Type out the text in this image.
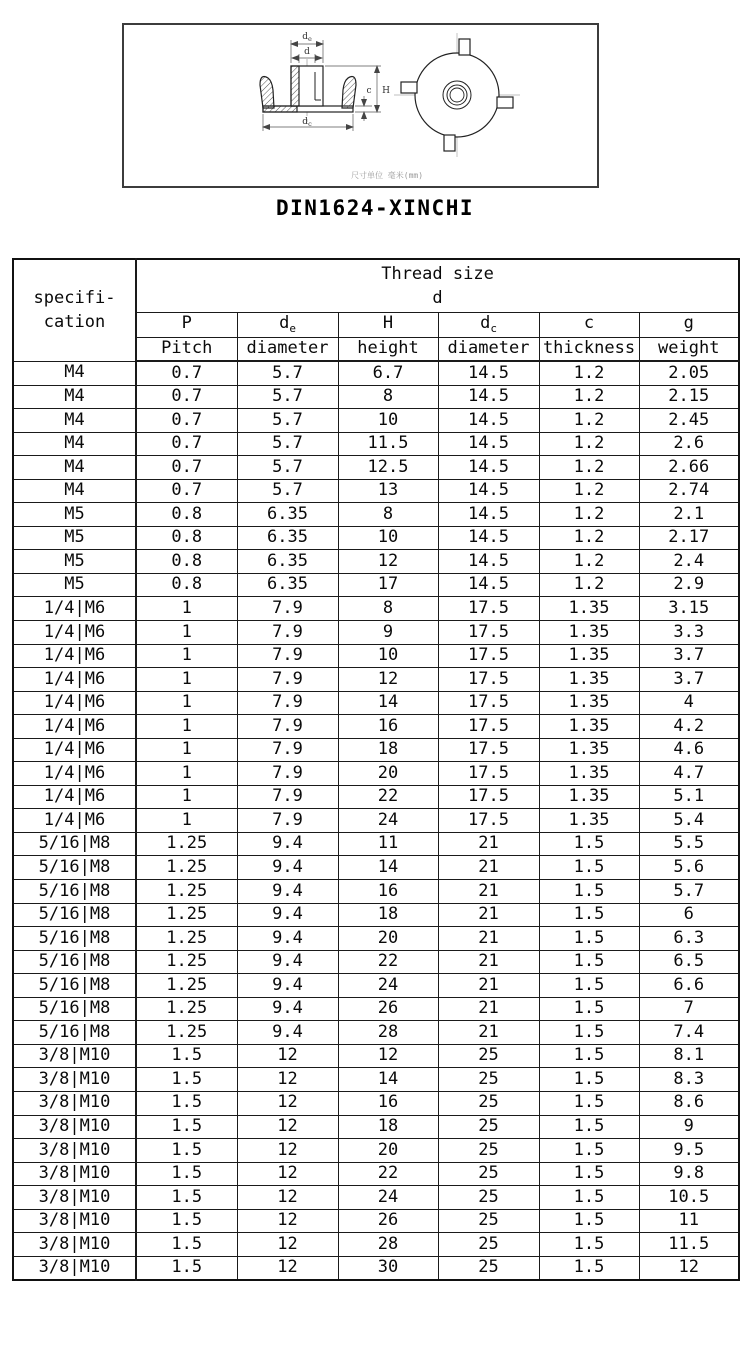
$d_e$
d
$d_c$
H
c
尺寸单位 毫米(mm)
DIN1624-XINCHI
specifi-
cation	
Thread size
d

	P	$d_e$	H	$d_c$	c	g
	Pitch	diameter	height	diameter	thickness	weight
M4	0.7	5.7	6.7	14.5	1.2	2.05
M4	0.7	5.7	8	14.5	1.2	2.15
M4	0.7	5.7	10	14.5	1.2	2.45
M4	0.7	5.7	11.5	14.5	1.2	2.6
M4	0.7	5.7	12.5	14.5	1.2	2.66
M4	0.7	5.7	13	14.5	1.2	2.74
M5	0.8	6.35	8	14.5	1.2	2.1
M5	0.8	6.35	10	14.5	1.2	2.17
M5	0.8	6.35	12	14.5	1.2	2.4
M5	0.8	6.35	17	14.5	1.2	2.9
1/4|M6	1	7.9	8	17.5	1.35	3.15
1/4|M6	1	7.9	9	17.5	1.35	3.3
1/4|M6	1	7.9	10	17.5	1.35	3.7
1/4|M6	1	7.9	12	17.5	1.35	3.7
1/4|M6	1	7.9	14	17.5	1.35	4
1/4|M6	1	7.9	16	17.5	1.35	4.2
1/4|M6	1	7.9	18	17.5	1.35	4.6
1/4|M6	1	7.9	20	17.5	1.35	4.7
1/4|M6	1	7.9	22	17.5	1.35	5.1
1/4|M6	1	7.9	24	17.5	1.35	5.4
5/16|M8	1.25	9.4	11	21	1.5	5.5
5/16|M8	1.25	9.4	14	21	1.5	5.6
5/16|M8	1.25	9.4	16	21	1.5	5.7
5/16|M8	1.25	9.4	18	21	1.5	6
5/16|M8	1.25	9.4	20	21	1.5	6.3
5/16|M8	1.25	9.4	22	21	1.5	6.5
5/16|M8	1.25	9.4	24	21	1.5	6.6
5/16|M8	1.25	9.4	26	21	1.5	7
5/16|M8	1.25	9.4	28	21	1.5	7.4
3/8|M10	1.5	12	12	25	1.5	8.1
3/8|M10	1.5	12	14	25	1.5	8.3
3/8|M10	1.5	12	16	25	1.5	8.6
3/8|M10	1.5	12	18	25	1.5	9
3/8|M10	1.5	12	20	25	1.5	9.5
3/8|M10	1.5	12	22	25	1.5	9.8
3/8|M10	1.5	12	24	25	1.5	10.5
3/8|M10	1.5	12	26	25	1.5	11
3/8|M10	1.5	12	28	25	1.5	11.5
3/8|M10	1.5	12	30	25	1.5	12
